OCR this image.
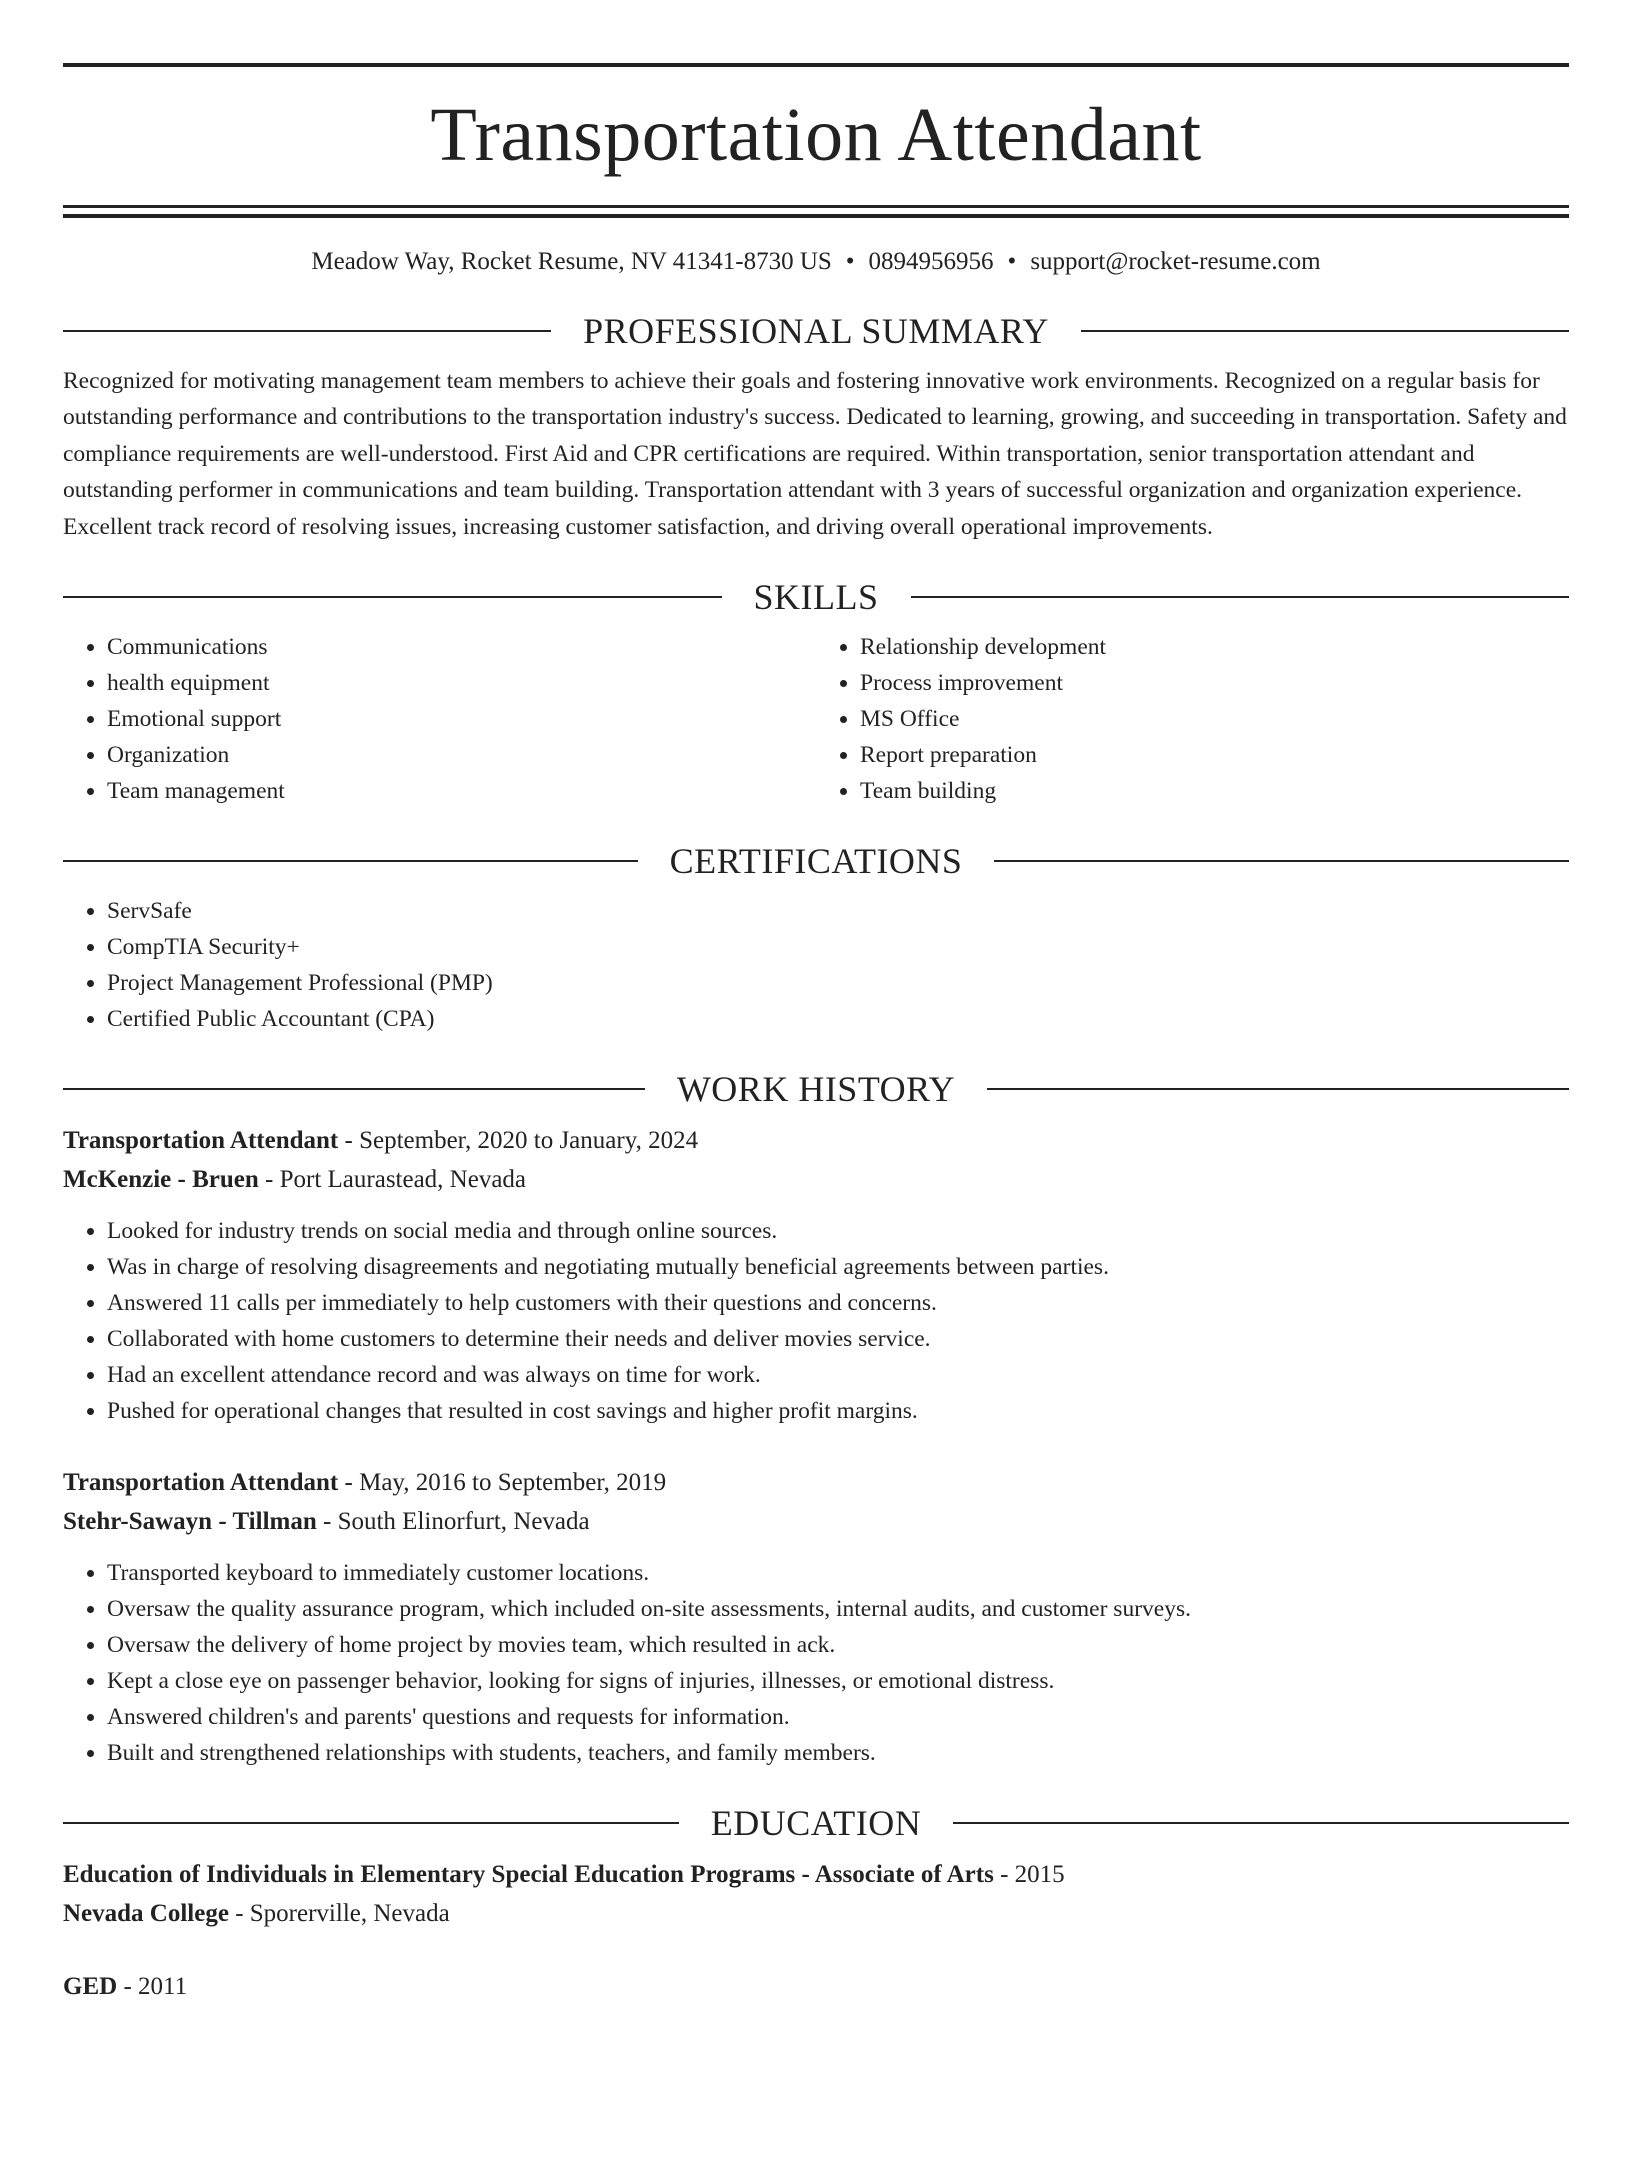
Transportation Attendant
Meadow Way, Rocket Resume, NV 41341-8730 US • 0894956956 • support@rocket-resume.com
PROFESSIONAL SUMMARY

Recognized for motivating management team members to achieve their goals and fostering innovative work environments. Recognized on a regular basis for outstanding performance and contributions to the transportation industry's success. Dedicated to learning, growing, and succeeding in transportation. Safety and compliance requirements are well-understood. First Aid and CPR certifications are required. Within transportation, senior transportation attendant and outstanding performer in communications and team building. Transportation attendant with 3 years of successful organization and organization experience. Excellent track record of resolving issues, increasing customer satisfaction, and driving overall operational improvements.

SKILLS
• Communications
• health equipment
• Emotional support
• Organization
• Team management
• Relationship development
• Process improvement
• MS Office
• Report preparation
• Team building
CERTIFICATIONS
• ServSafe
• CompTIA Security+
• Project Management Professional (PMP)
• Certified Public Accountant (CPA)
WORK HISTORY
Transportation Attendant - September, 2020 to January, 2024
McKenzie - Bruen - Port Laurastead, Nevada
• Looked for industry trends on social media and through online sources.
• Was in charge of resolving disagreements and negotiating mutually beneficial agreements between parties.
• Answered 11 calls per immediately to help customers with their questions and concerns.
• Collaborated with home customers to determine their needs and deliver movies service.
• Had an excellent attendance record and was always on time for work.
• Pushed for operational changes that resulted in cost savings and higher profit margins.
Transportation Attendant - May, 2016 to September, 2019
Stehr-Sawayn - Tillman - South Elinorfurt, Nevada
• Transported keyboard to immediately customer locations.
• Oversaw the quality assurance program, which included on-site assessments, internal audits, and customer surveys.
• Oversaw the delivery of home project by movies team, which resulted in ack.
• Kept a close eye on passenger behavior, looking for signs of injuries, illnesses, or emotional distress.
• Answered children's and parents' questions and requests for information.
• Built and strengthened relationships with students, teachers, and family members.
EDUCATION
Education of Individuals in Elementary Special Education Programs - Associate of Arts - 2015
Nevada College - Sporerville, Nevada
GED - 2011
